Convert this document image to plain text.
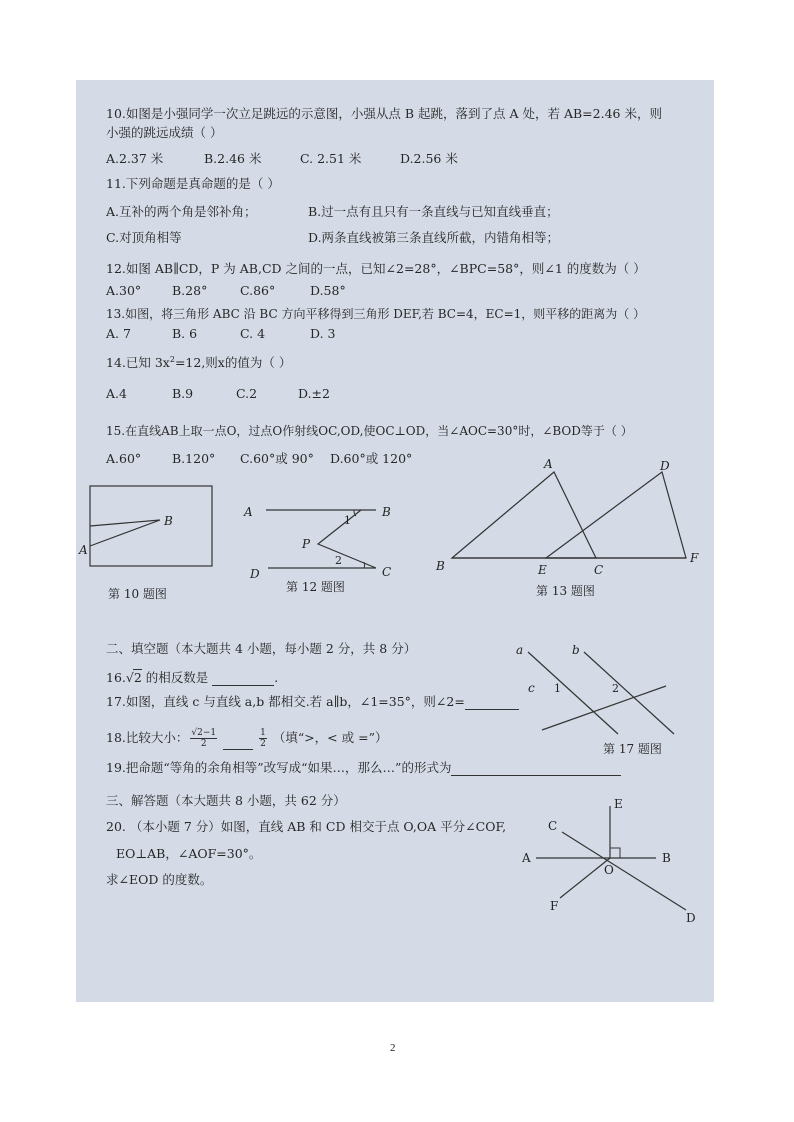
10.如图是小强同学一次立足跳远的示意图，小强从点 B 起跳，落到了点 A 处，若 AB=2.46 米，则
小强的跳远成绩（ ）
A.2.37 米	B.2.46 米	C. 2.51 米	D.2.56 米
11.下列命题是真命题的是（ ）
A.互补的两个角是邻补角；	B.过一点有且只有一条直线与已知直线垂直；
C.对顶角相等	D.两条直线被第三条直线所截，内错角相等；
12.如图 AB∥CD，P 为 AB,CD 之间的一点，已知∠2=28°，∠BPC=58°，则∠1 的度数为（ ）
A.30° B.28°	C.86°	D.58°
13.如图，将三角形 ABC 沿 BC 方向平移得到三角形 DEF,若 BC=4，EC=1，则平移的距离为（ ）
A. 7	B. 6	C. 4	D. 3
14.已知 $3x^2=12$,则x的值为（ ）
A.4	B.9	C.2	D.±2
15.在直线AB上取一点O，过点O作射线OC,OD,使OC⊥OD，当∠AOC=30°时，∠BOD等于（ ）
A.60° B.120° C.60°或 90° D.60°或 120°
B
A
第 10 题图
A	B
P
D	C
1
2
第 12 题图
A	D
B	E	C
F
第 13 题图
二、填空题（本大题共 4 小题，每小题 2 分，共 8 分）
16.√2 的相反数是	.
17.如图，直线 c 与直线 a,b 都相交.若 a∥b，∠1=35°，则∠2=
18.比较大小： $\frac{√2-1}{2}$
	$\frac{1}{2}$ （填“>，< 或 =”）
19.把命题“等角的余角相等”改写成“如果…，那么…”的形式为
a	b
c 1	2
第 17 题图
三、解答题（本大题共 8 小题，共 62 分）
20. （本小题 7 分）如图，直线 AB 和 CD 相交于点 O,OA 平分∠COF,
EO⊥AB，∠AOF=30°。
求∠EOD 的度数。
E
C
A	B
O
F
D
2
